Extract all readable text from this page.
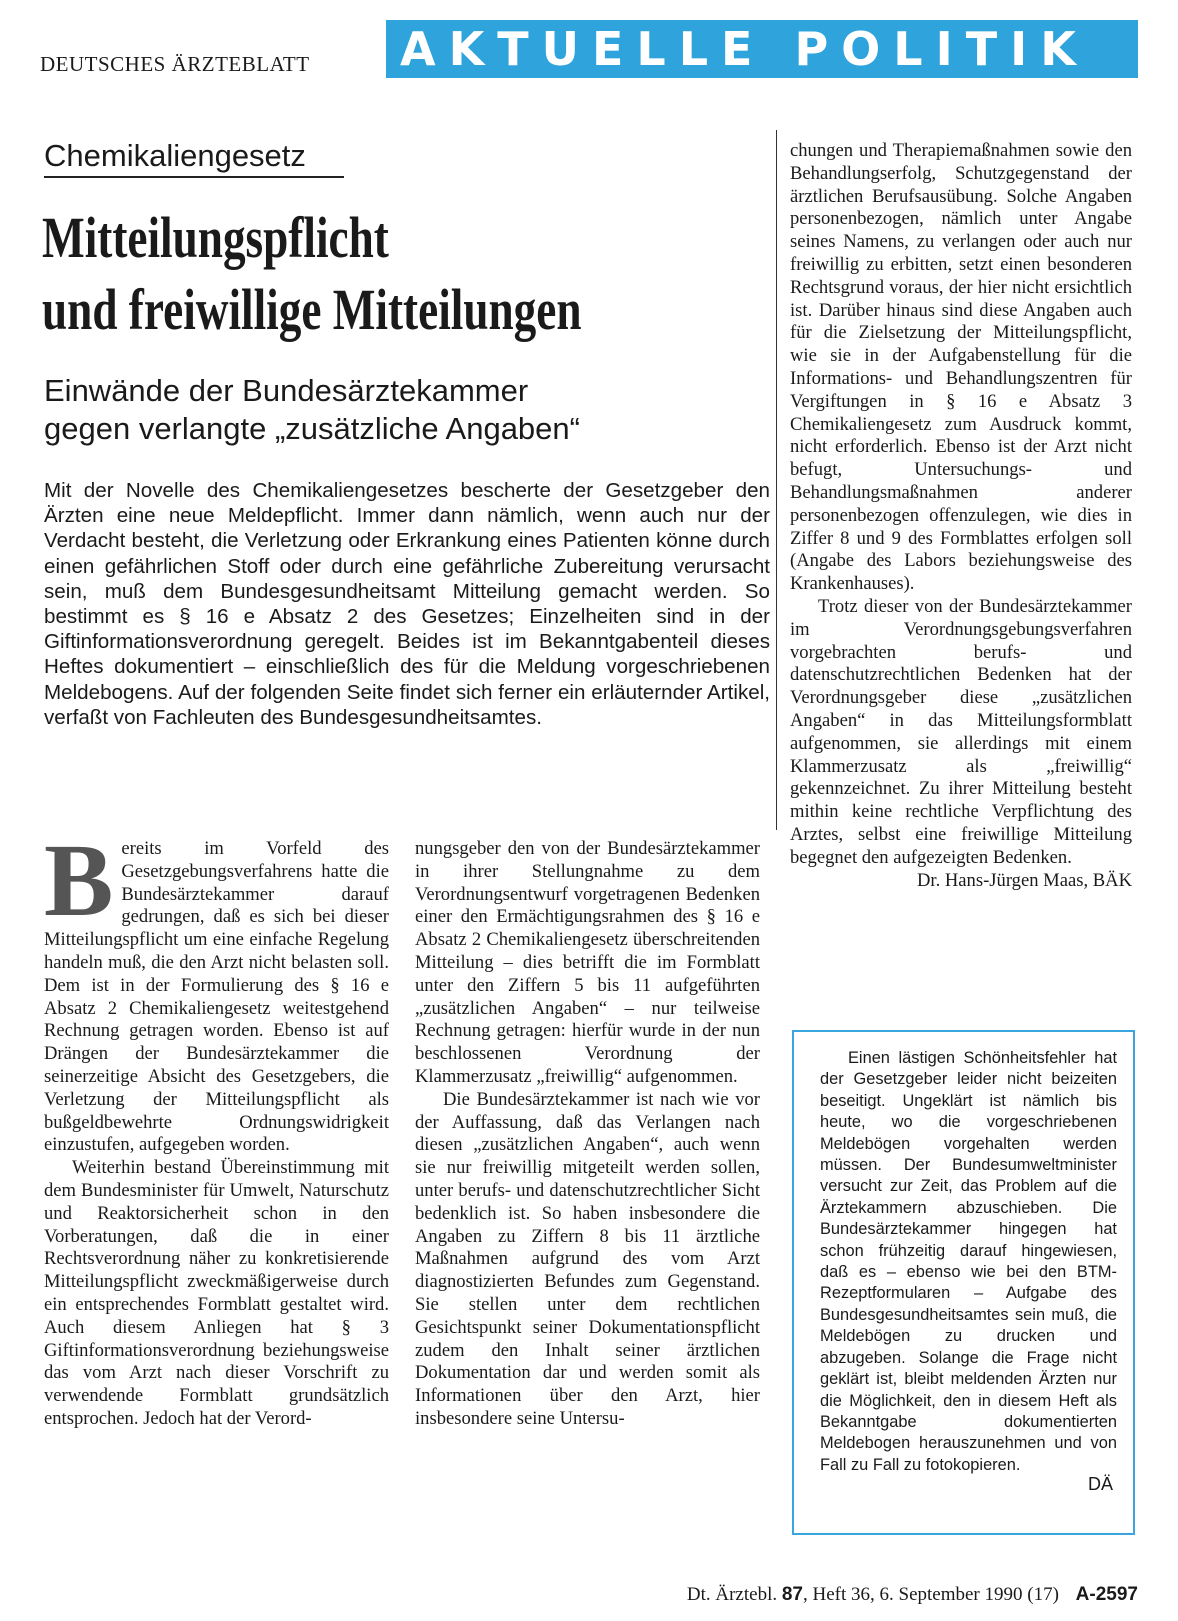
DEUTSCHES ÄRZTEBLATT	AKTUELLE POLITIK
Chemikaliengesetz
Mitteilungspflicht
und freiwillige Mitteilungen
Einwände der Bundesärztekammer
gegen verlangte „zusätzliche Angaben“
Mit der Novelle des Chemikaliengesetzes bescherte der Gesetzgeber den Ärzten eine neue Meldepflicht. Immer dann nämlich, wenn auch nur der Verdacht besteht, die Verletzung oder Erkrankung eines Patienten könne durch einen gefährlichen Stoff oder durch eine gefährliche Zubereitung verursacht sein, muß dem Bundesgesundheitsamt Mitteilung gemacht werden. So bestimmt es § 16 e Absatz 2 des Gesetzes; Einzelheiten sind in der Giftinformationsverordnung geregelt. Beides ist im Bekanntgabenteil dieses Heftes dokumentiert – einschließlich des für die Meldung vorgeschriebenen Meldebogens. Auf der folgenden Seite findet sich ferner ein erläuternder Artikel, verfaßt von Fachleuten des Bundesgesundheitsamtes.
B ereits im Vorfeld des Gesetzgebungsverfahrens hatte die Bundesärztekammer darauf gedrungen, daß es sich bei dieser Mitteilungspflicht um eine einfache Regelung handeln muß, die den Arzt nicht belasten soll. Dem ist in der Formulierung des § 16 e Absatz 2 Chemikaliengesetz weitestgehend Rechnung getragen worden. Ebenso ist auf Drängen der Bundesärztekammer die seinerzeitige Absicht des Gesetzgebers, die Verletzung der Mitteilungspflicht als bußgeldbewehrte Ordnungswidrigkeit einzustufen, aufgegeben worden.

Weiterhin bestand Übereinstimmung mit dem Bundesminister für Umwelt, Naturschutz und Reaktorsicherheit schon in den Vorberatungen, daß die in einer Rechtsverordnung näher zu konkretisierende Mitteilungspflicht zweckmäßigerweise durch ein entsprechendes Formblatt gestaltet wird. Auch diesem Anliegen hat § 3 Giftinformationsverordnung beziehungsweise das vom Arzt nach dieser Vorschrift zu verwendende Formblatt grundsätzlich entsprochen. Jedoch hat der Verord-

nungsgeber den von der Bundesärztekammer in ihrer Stellungnahme zu dem Verordnungsentwurf vorgetragenen Bedenken einer den Ermächtigungsrahmen des § 16 e Absatz 2 Chemikaliengesetz überschreitenden Mitteilung – dies betrifft die im Formblatt unter den Ziffern 5 bis 11 aufgeführten „zusätzlichen Angaben“ – nur teilweise Rechnung getragen: hierfür wurde in der nun beschlossenen Verordnung der Klammerzusatz „freiwillig“ aufgenommen.

Die Bundesärztekammer ist nach wie vor der Auffassung, daß das Verlangen nach diesen „zusätzlichen Angaben“, auch wenn sie nur freiwillig mitgeteilt werden sollen, unter berufs- und datenschutzrechtlicher Sicht bedenklich ist. So haben insbesondere die Angaben zu Ziffern 8 bis 11 ärztliche Maßnahmen aufgrund des vom Arzt diagnostizierten Befundes zum Gegenstand. Sie stellen unter dem rechtlichen Gesichtspunkt seiner Dokumentationspflicht zudem den Inhalt seiner ärztlichen Dokumentation dar und werden somit als Informationen über den Arzt, hier insbesondere seine Untersu-

chungen und Therapiemaßnahmen sowie den Behandlungserfolg, Schutzgegenstand der ärztlichen Berufsausübung. Solche Angaben personenbezogen, nämlich unter Angabe seines Namens, zu verlangen oder auch nur freiwillig zu erbitten, setzt einen besonderen Rechtsgrund voraus, der hier nicht ersichtlich ist. Darüber hinaus sind diese Angaben auch für die Zielsetzung der Mitteilungspflicht, wie sie in der Aufgabenstellung für die Informations- und Behandlungszentren für Vergiftungen in § 16 e Absatz 3 Chemikaliengesetz zum Ausdruck kommt, nicht erforderlich. Ebenso ist der Arzt nicht befugt, Untersuchungs- und Behandlungsmaßnahmen anderer personenbezogen offenzulegen, wie dies in Ziffer 8 und 9 des Formblattes erfolgen soll (Angabe des Labors beziehungsweise des Krankenhauses).

Trotz dieser von der Bundesärztekammer im Verordnungsgebungsverfahren vorgebrachten berufs- und datenschutzrechtlichen Bedenken hat der Verordnungsgeber diese „zusätzlichen Angaben“ in das Mitteilungsformblatt aufgenommen, sie allerdings mit einem Klammerzusatz als „freiwillig“ gekennzeichnet. Zu ihrer Mitteilung besteht mithin keine rechtliche Verpflichtung des Arztes, selbst eine freiwillige Mitteilung begegnet den aufgezeigten Bedenken.

Dr. Hans-Jürgen Maas, BÄK

Einen lästigen Schönheitsfehler hat der Gesetzgeber leider nicht beizeiten beseitigt. Ungeklärt ist nämlich bis heute, wo die vorgeschriebenen Meldebögen vorgehalten werden müssen. Der Bundesumweltminister versucht zur Zeit, das Problem auf die Ärztekammern abzuschieben. Die Bundesärztekammer hingegen hat schon frühzeitig darauf hingewiesen, daß es – ebenso wie bei den BTM-Rezeptformularen – Aufgabe des Bundesgesundheitsamtes sein muß, die Meldebögen zu drucken und abzugeben. Solange die Frage nicht geklärt ist, bleibt meldenden Ärzten nur die Möglichkeit, den in diesem Heft als Bekanntgabe dokumentierten Meldebogen herauszunehmen und von Fall zu Fall zu fotokopieren.

DÄ
Dt. Ärztebl. 87, Heft 36, 6. September 1990 (17) A-2597
